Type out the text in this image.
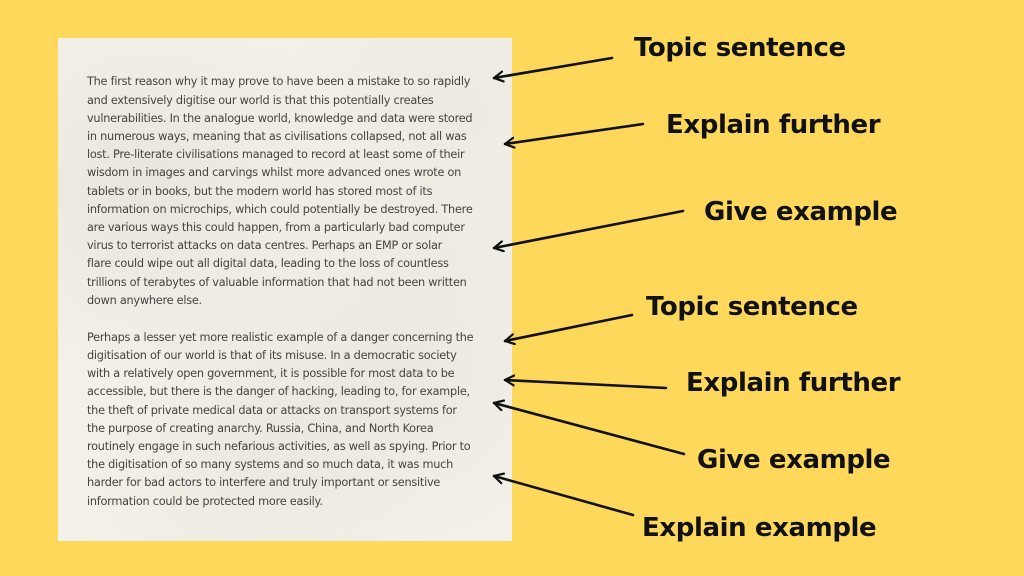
The first reason why it may prove to have been a mistake to so rapidly

and extensively digitise our world is that this potentially creates

vulnerabilities. In the analogue world, knowledge and data were stored

in numerous ways, meaning that as civilisations collapsed, not all was

lost. Pre-literate civilisations managed to record at least some of their

wisdom in images and carvings whilst more advanced ones wrote on

tablets or in books, but the modern world has stored most of its

information on microchips, which could potentially be destroyed. There

are various ways this could happen, from a particularly bad computer

virus to terrorist attacks on data centres. Perhaps an EMP or solar

flare could wipe out all digital data, leading to the loss of countless

trillions of terabytes of valuable information that had not been written

down anywhere else.

Perhaps a lesser yet more realistic example of a danger concerning the

digitisation of our world is that of its misuse. In a democratic society

with a relatively open government, it is possible for most data to be

accessible, but there is the danger of hacking, leading to, for example,

the theft of private medical data or attacks on transport systems for

the purpose of creating anarchy. Russia, China, and North Korea

routinely engage in such nefarious activities, as well as spying. Prior to

the digitisation of so many systems and so much data, it was much

harder for bad actors to interfere and truly important or sensitive

information could be protected more easily.

Topic sentence
Explain further
Give example
Topic sentence
Explain further
Give example
Explain example
